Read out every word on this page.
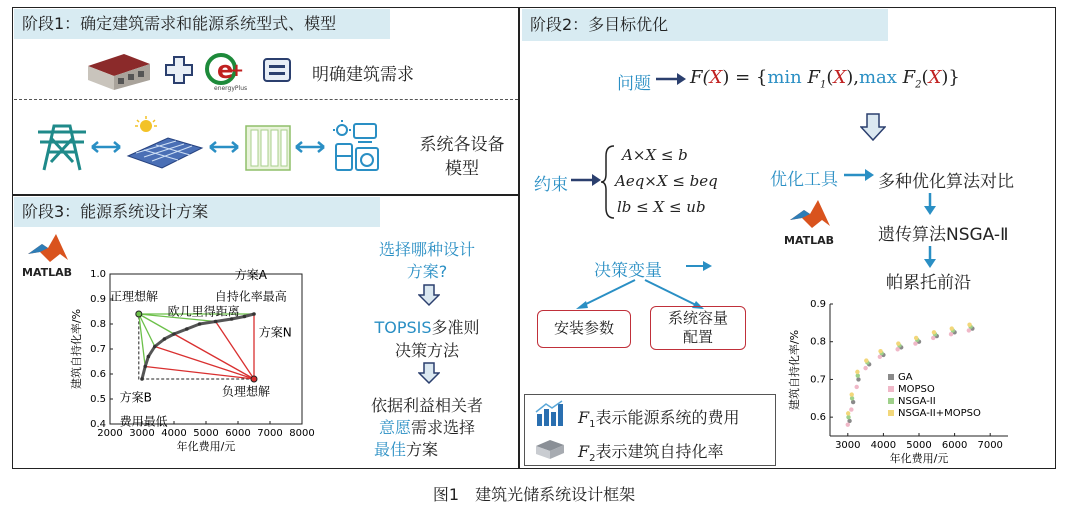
阶段1：确定建筑需求和能源系统型式、模型
e
+
energyPlus
明确建筑需求
系统各设备
模型
阶段3：能源系统设计方案
MATLAB
2000 3000 4000 5000 6000 7000 8000
0.4
0.5
0.6
0.7
0.8
0.9
1.0
年化费用/元
建筑自持化率/%
方案A
自持化率最高
正理想解
欧几里得距离
方案N
负理想解
方案B
费用最低
选择哪种设计
方案?
TOPSIS多准则
决策方法
依据利益相关者
意愿需求选择
最佳方案
阶段2：多目标优化
问题 F(X) = {min $F_1(X),\max$ $F_2(X)$}
约束
A×X ≤ b
Aeq×X ≤ beq
lb ≤ X ≤ ub
决策变量
安装参数
系统容量
配置
优化工具 多种优化算法对比
遗传算法NSGA-Ⅱ
帕累托前沿
MATLAB
3000 4000 5000 6000 7000
0.6
0.7
0.8
0.9
年化费用/元
建筑自持化率/%	GA
MOPSO
NSGA-II
NSGA-II+MOPSO
$F_1$表示能源系统的费用
$F_2$表示建筑自持化率
图1　建筑光储系统设计框架
